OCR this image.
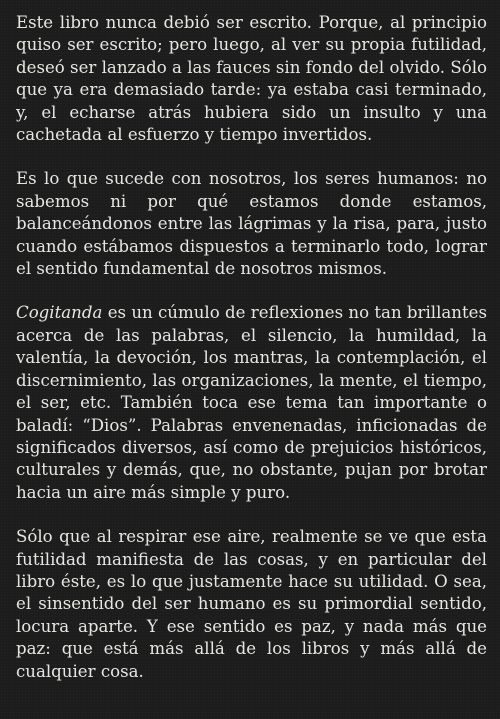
Este libro nunca debió ser escrito. Porque, al principio quiso ser escrito; pero luego, al ver su propia futilidad, deseó ser lanzado a las fauces sin fondo del olvido. Sólo que ya era demasiado tarde: ya estaba casi terminado, y, el echarse atrás hubiera sido un insulto y una cachetada al esfuerzo y tiempo invertidos.

Es lo que sucede con nosotros, los seres humanos: no sabemos ni por qué estamos donde estamos, balanceándonos entre las lágrimas y la risa, para, justo cuando estábamos dispuestos a terminarlo todo, lograr el sentido fundamental de nosotros mismos.

Cogitanda es un cúmulo de reflexiones no tan brillantes acerca de las palabras, el silencio, la humildad, la valentía, la devoción, los mantras, la contemplación, el discernimiento, las organizaciones, la mente, el tiempo, el ser, etc. También toca ese tema tan importante o baladí: “Dios”. Palabras envenenadas, inficionadas de significados diversos, así como de prejuicios históricos, culturales y demás, que, no obstante, pujan por brotar hacia un aire más simple y puro.

Sólo que al respirar ese aire, realmente se ve que esta futilidad manifiesta de las cosas, y en particular del libro éste, es lo que justamente hace su utilidad. O sea, el sinsentido del ser humano es su primordial sentido, locura aparte. Y ese sentido es paz, y nada más que paz: que está más allá de los libros y más allá de cualquier cosa.
